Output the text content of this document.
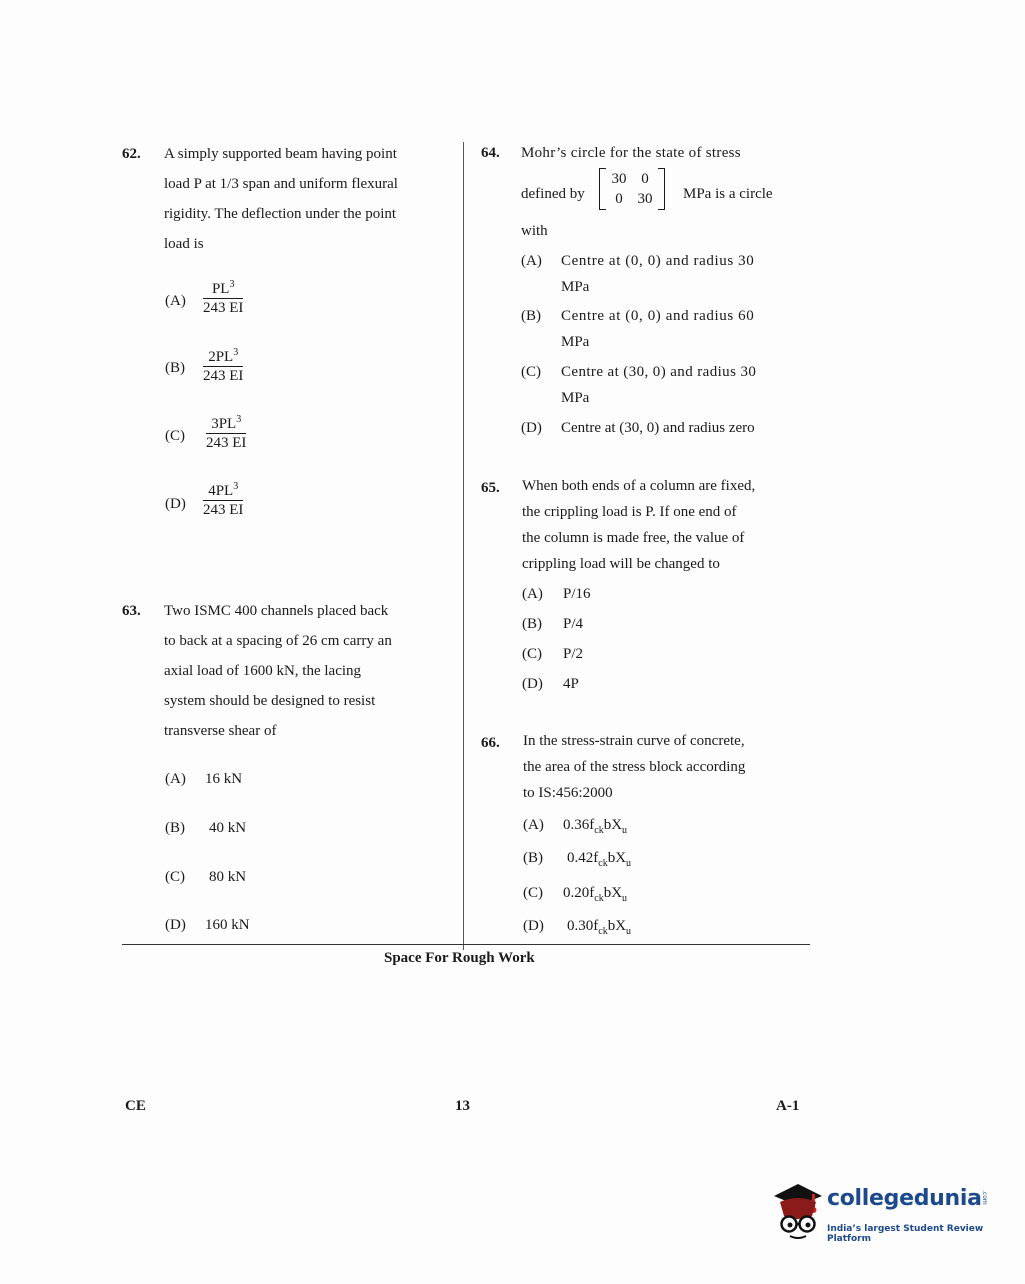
62. A simply supported beam having point
load P at 1/3 span and uniform flexural
rigidity. The deflection under the point
load is
(A)
$PL^3$
243 EI
(B)
$2PL^3$
243 EI
(C)
$3PL^3$
243 EI
(D)
$4PL^3$
243 EI
63. Two ISMC 400 channels placed back
to back at a spacing of 26 cm carry an
axial load of 1600 kN, the lacing
system should be designed to resist
transverse shear of
(A) 16 kN
(B) 40 kN
(C) 80 kN
(D) 160 kN
64. Mohr’s circle for the state of stress
defined by
30 0
0 30	MPa is a circle
with
(A) Centre at (0, 0) and radius 30
MPa
(B) Centre at (0, 0) and radius 60
MPa
(C) Centre at (30, 0) and radius 30
MPa
(D) Centre at (30, 0) and radius zero
65. When both ends of a column are fixed,
the crippling load is P. If one end of
the column is made free, the value of
crippling load will be changed to
(A) P/16
(B) P/4
(C) P/2
(D) 4P
66. In the stress-strain curve of concrete,
the area of the stress block according
to IS:456:2000
(A) $0.36f_{ck}bX_u$
(B) $0.42f_{ck}bX_u$
(C) $0.20f_{ck}bX_u$
(D) $0.30f_{ck}bX_u$
Space For Rough Work
CE	13	A-1
collegedunia .com
India’s largest Student Review Platform
